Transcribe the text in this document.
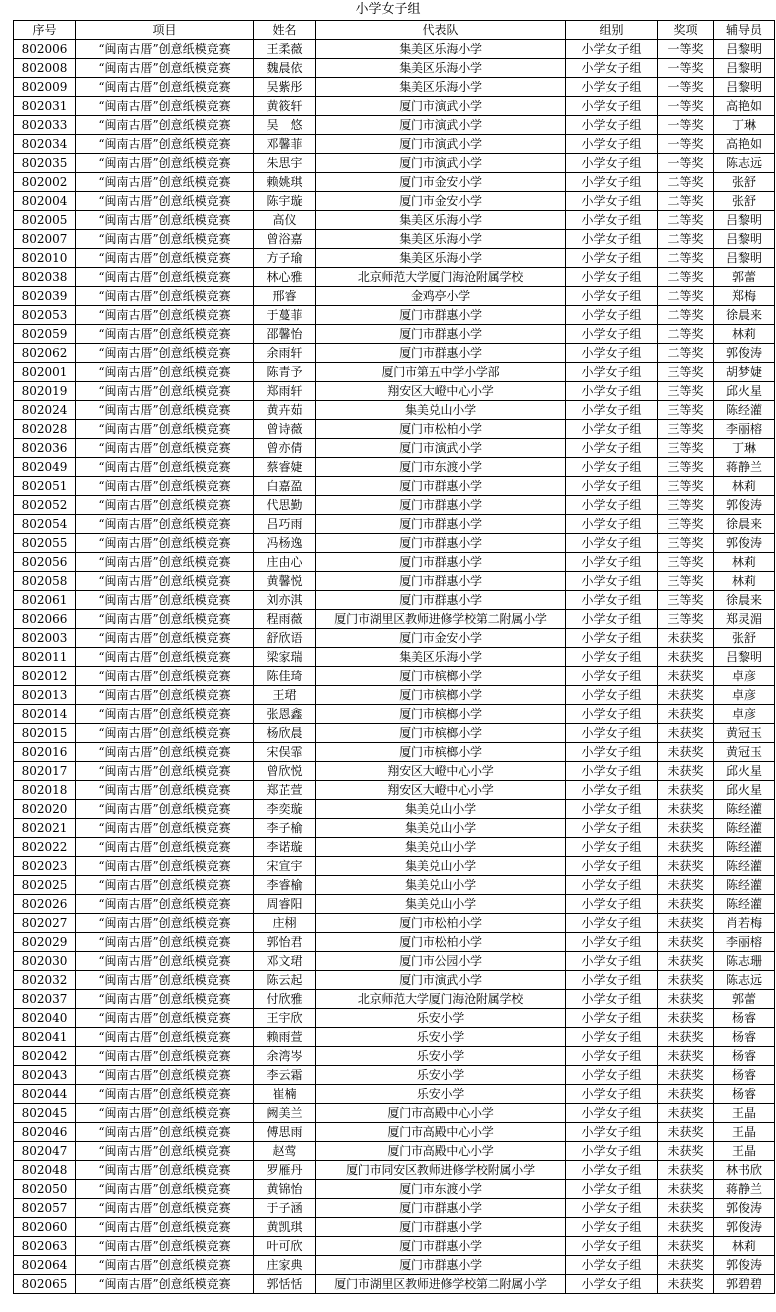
小学女子组
序号	项目	姓名	代表队	组别	奖项	辅导员
802006	“闽南古厝”创意纸模竞赛	王柔薇	集美区乐海小学	小学女子组	一等奖	吕黎明
802008	“闽南古厝”创意纸模竞赛	魏晨依	集美区乐海小学	小学女子组	一等奖	吕黎明
802009	“闽南古厝”创意纸模竞赛	吴紫彤	集美区乐海小学	小学女子组	一等奖	吕黎明
802031	“闽南古厝”创意纸模竞赛	黄筱轩	厦门市演武小学	小学女子组	一等奖	高艳如
802033	“闽南古厝”创意纸模竞赛	吴　悠	厦门市演武小学	小学女子组	一等奖	丁琳
802034	“闽南古厝”创意纸模竞赛	邓馨菲	厦门市演武小学	小学女子组	一等奖	高艳如
802035	“闽南古厝”创意纸模竞赛	朱思宇	厦门市演武小学	小学女子组	一等奖	陈志远
802002	“闽南古厝”创意纸模竞赛	赖姚琪	厦门市金安小学	小学女子组	二等奖	张舒
802004	“闽南古厝”创意纸模竞赛	陈宇璇	厦门市金安小学	小学女子组	二等奖	张舒
802005	“闽南古厝”创意纸模竞赛	高仪	集美区乐海小学	小学女子组	二等奖	吕黎明
802007	“闽南古厝”创意纸模竞赛	曾浴嘉	集美区乐海小学	小学女子组	二等奖	吕黎明
802010	“闽南古厝”创意纸模竞赛	方子瑜	集美区乐海小学	小学女子组	二等奖	吕黎明
802038	“闽南古厝”创意纸模竞赛	林心雅	北京师范大学厦门海沧附属学校	小学女子组	二等奖	郭蕾
802039	“闽南古厝”创意纸模竞赛	邢睿	金鸡亭小学	小学女子组	二等奖	郑梅
802053	“闽南古厝”创意纸模竞赛	于蔓菲	厦门市群惠小学	小学女子组	二等奖	徐晨来
802059	“闽南古厝”创意纸模竞赛	邵馨怡	厦门市群惠小学	小学女子组	二等奖	林莉
802062	“闽南古厝”创意纸模竞赛	余雨轩	厦门市群惠小学	小学女子组	二等奖	郭俊涛
802001	“闽南古厝”创意纸模竞赛	陈青予	厦门市第五中学小学部	小学女子组	三等奖	胡梦婕
802019	“闽南古厝”创意纸模竞赛	郑雨轩	翔安区大嶝中心小学	小学女子组	三等奖	邱火星
802024	“闽南古厝”创意纸模竞赛	黄卉茹	集美兑山小学	小学女子组	三等奖	陈经灌
802028	“闽南古厝”创意纸模竞赛	曾诗薇	厦门市松柏小学	小学女子组	三等奖	李丽榕
802036	“闽南古厝”创意纸模竞赛	曾亦倩	厦门市演武小学	小学女子组	三等奖	丁琳
802049	“闽南古厝”创意纸模竞赛	蔡睿婕	厦门市东渡小学	小学女子组	三等奖	蒋静兰
802051	“闽南古厝”创意纸模竞赛	白嘉盈	厦门市群惠小学	小学女子组	三等奖	林莉
802052	“闽南古厝”创意纸模竞赛	代思勤	厦门市群惠小学	小学女子组	三等奖	郭俊涛
802054	“闽南古厝”创意纸模竞赛	吕巧雨	厦门市群惠小学	小学女子组	三等奖	徐晨来
802055	“闽南古厝”创意纸模竞赛	冯杨逸	厦门市群惠小学	小学女子组	三等奖	郭俊涛
802056	“闽南古厝”创意纸模竞赛	庄由心	厦门市群惠小学	小学女子组	三等奖	林莉
802058	“闽南古厝”创意纸模竞赛	黄馨悦	厦门市群惠小学	小学女子组	三等奖	林莉
802061	“闽南古厝”创意纸模竞赛	刘亦淇	厦门市群惠小学	小学女子组	三等奖	徐晨来
802066	“闽南古厝”创意纸模竞赛	程雨薇	厦门市湖里区教师进修学校第二附属小学	小学女子组	三等奖	郑灵湄
802003	“闽南古厝”创意纸模竞赛	舒欣语	厦门市金安小学	小学女子组	未获奖	张舒
802011	“闽南古厝”创意纸模竞赛	梁家瑞	集美区乐海小学	小学女子组	未获奖	吕黎明
802012	“闽南古厝”创意纸模竞赛	陈佳琦	厦门市槟榔小学	小学女子组	未获奖	卓彦
802013	“闽南古厝”创意纸模竞赛	王珺	厦门市槟榔小学	小学女子组	未获奖	卓彦
802014	“闽南古厝”创意纸模竞赛	张恩鑫	厦门市槟榔小学	小学女子组	未获奖	卓彦
802015	“闽南古厝”创意纸模竞赛	杨欣晨	厦门市槟榔小学	小学女子组	未获奖	黄冠玉
802016	“闽南古厝”创意纸模竞赛	宋俣霏	厦门市槟榔小学	小学女子组	未获奖	黄冠玉
802017	“闽南古厝”创意纸模竞赛	曾欣悦	翔安区大嶝中心小学	小学女子组	未获奖	邱火星
802018	“闽南古厝”创意纸模竞赛	郑芷萱	翔安区大嶝中心小学	小学女子组	未获奖	邱火星
802020	“闽南古厝”创意纸模竞赛	李奕璇	集美兑山小学	小学女子组	未获奖	陈经灌
802021	“闽南古厝”创意纸模竞赛	李子榆	集美兑山小学	小学女子组	未获奖	陈经灌
802022	“闽南古厝”创意纸模竞赛	李诺璇	集美兑山小学	小学女子组	未获奖	陈经灌
802023	“闽南古厝”创意纸模竞赛	宋宣宇	集美兑山小学	小学女子组	未获奖	陈经灌
802025	“闽南古厝”创意纸模竞赛	李睿榆	集美兑山小学	小学女子组	未获奖	陈经灌
802026	“闽南古厝”创意纸模竞赛	周睿阳	集美兑山小学	小学女子组	未获奖	陈经灌
802027	“闽南古厝”创意纸模竞赛	庄栩	厦门市松柏小学	小学女子组	未获奖	肖若梅
802029	“闽南古厝”创意纸模竞赛	郭怡君	厦门市松柏小学	小学女子组	未获奖	李丽榕
802030	“闽南古厝”创意纸模竞赛	邓文珺	厦门市公园小学	小学女子组	未获奖	陈志珊
802032	“闽南古厝”创意纸模竞赛	陈云起	厦门市演武小学	小学女子组	未获奖	陈志远
802037	“闽南古厝”创意纸模竞赛	付欣雅	北京师范大学厦门海沧附属学校	小学女子组	未获奖	郭蕾
802040	“闽南古厝”创意纸模竞赛	王宇欣	乐安小学	小学女子组	未获奖	杨睿
802041	“闽南古厝”创意纸模竞赛	赖雨萱	乐安小学	小学女子组	未获奖	杨睿
802042	“闽南古厝”创意纸模竞赛	余湾岑	乐安小学	小学女子组	未获奖	杨睿
802043	“闽南古厝”创意纸模竞赛	李云霜	乐安小学	小学女子组	未获奖	杨睿
802044	“闽南古厝”创意纸模竞赛	崔楠	乐安小学	小学女子组	未获奖	杨睿
802045	“闽南古厝”创意纸模竞赛	阙美兰	厦门市高殿中心小学	小学女子组	未获奖	王晶
802046	“闽南古厝”创意纸模竞赛	傅思雨	厦门市高殿中心小学	小学女子组	未获奖	王晶
802047	“闽南古厝”创意纸模竞赛	赵莺	厦门市高殿中心小学	小学女子组	未获奖	王晶
802048	“闽南古厝”创意纸模竞赛	罗雁丹	厦门市同安区教师进修学校附属小学	小学女子组	未获奖	林书欣
802050	“闽南古厝”创意纸模竞赛	黄锦怡	厦门市东渡小学	小学女子组	未获奖	蒋静兰
802057	“闽南古厝”创意纸模竞赛	于子涵	厦门市群惠小学	小学女子组	未获奖	郭俊涛
802060	“闽南古厝”创意纸模竞赛	黄凯琪	厦门市群惠小学	小学女子组	未获奖	郭俊涛
802063	“闽南古厝”创意纸模竞赛	叶可欣	厦门市群惠小学	小学女子组	未获奖	林莉
802064	“闽南古厝”创意纸模竞赛	庄家典	厦门市群惠小学	小学女子组	未获奖	郭俊涛
802065	“闽南古厝”创意纸模竞赛	郭恬恬	厦门市湖里区教师进修学校第二附属小学	小学女子组	未获奖	郭碧碧
